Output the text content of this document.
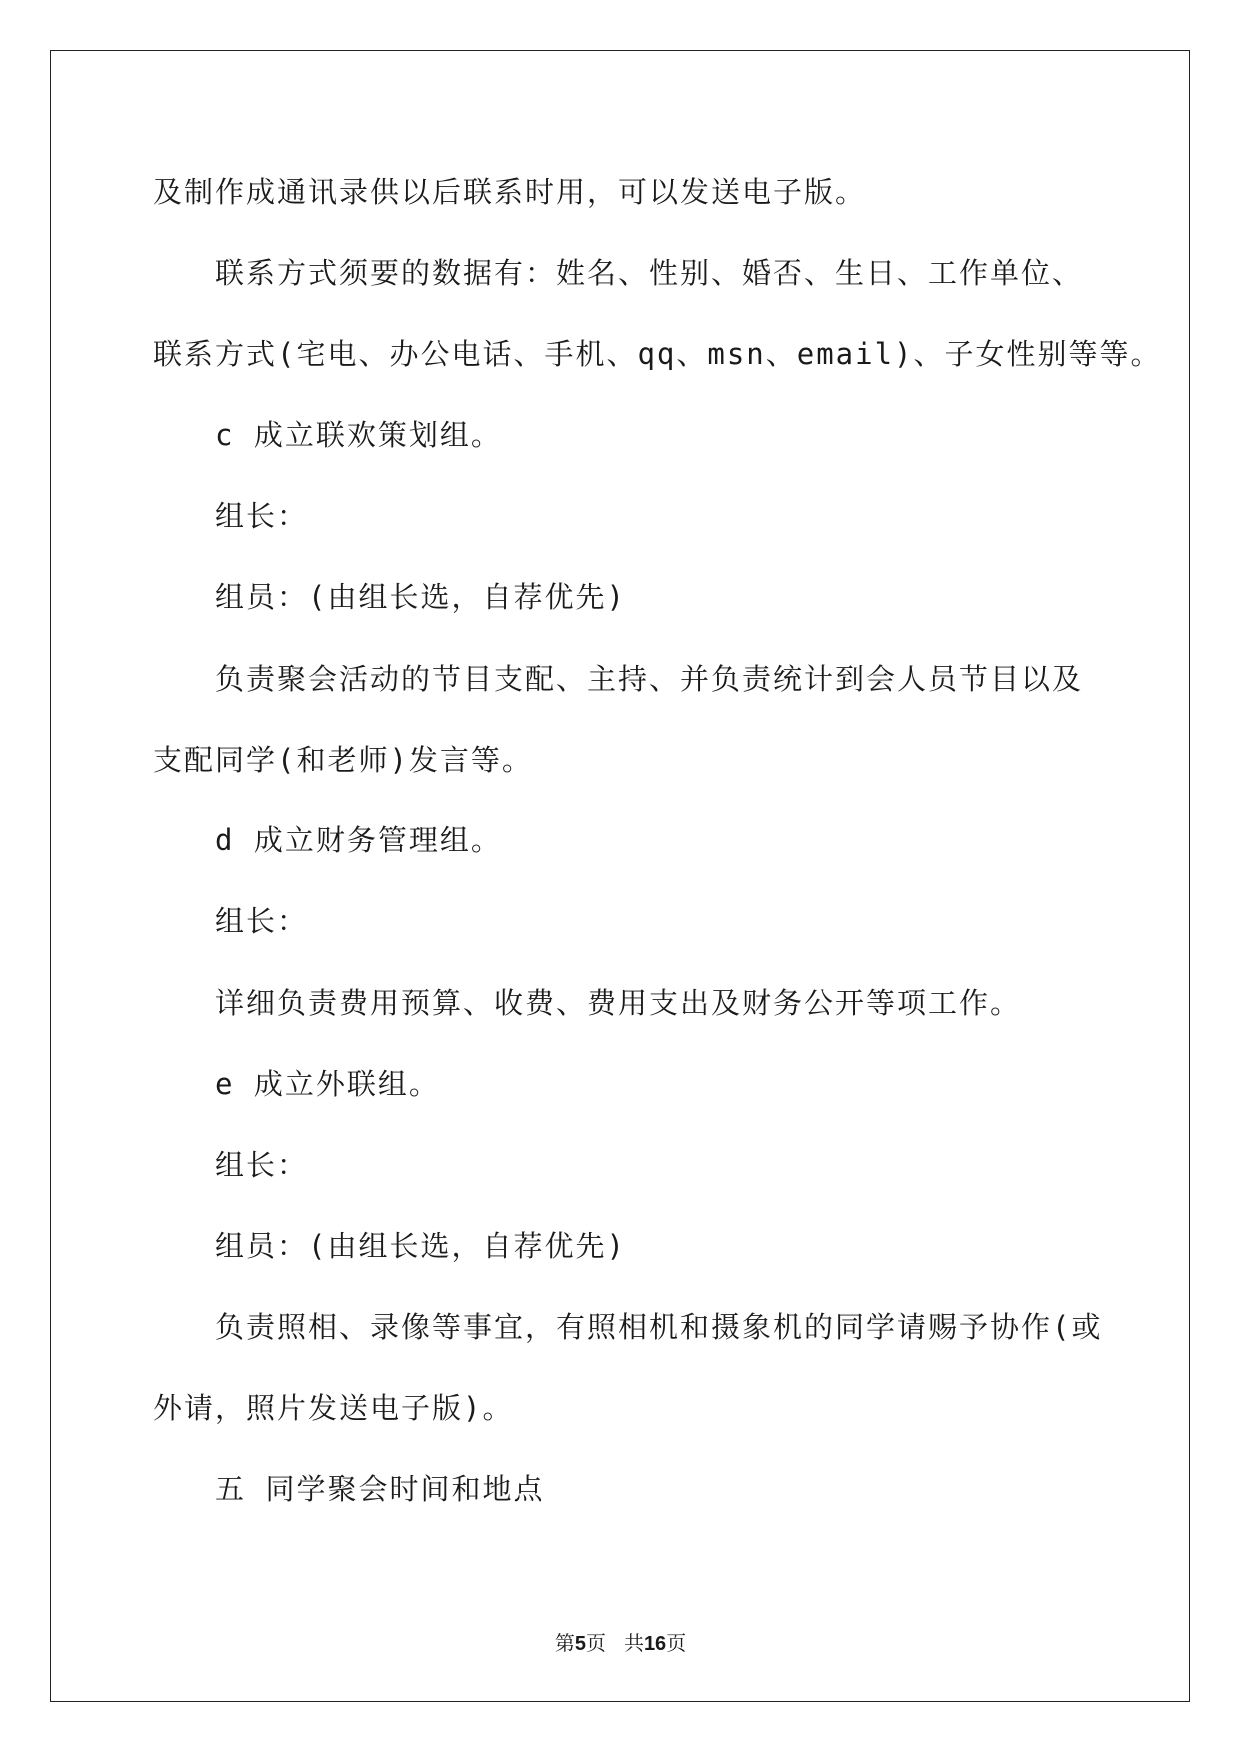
及制作成通讯录供以后联系时用，可以发送电子版。
联系方式须要的数据有：姓名、性别、婚否、生日、工作单位、
联系方式(宅电、办公电话、手机、qq、msn、email)、子女性别等等。
c 成立联欢策划组。
组长：
组员：(由组长选，自荐优先)
负责聚会活动的节目支配、主持、并负责统计到会人员节目以及
支配同学(和老师)发言等。
d 成立财务管理组。
组长：
详细负责费用预算、收费、费用支出及财务公开等项工作。
e 成立外联组。
组长：
组员：(由组长选，自荐优先)
负责照相、录像等事宜，有照相机和摄象机的同学请赐予协作(或
外请，照片发送电子版)。
五 同学聚会时间和地点
第5页 共16页
